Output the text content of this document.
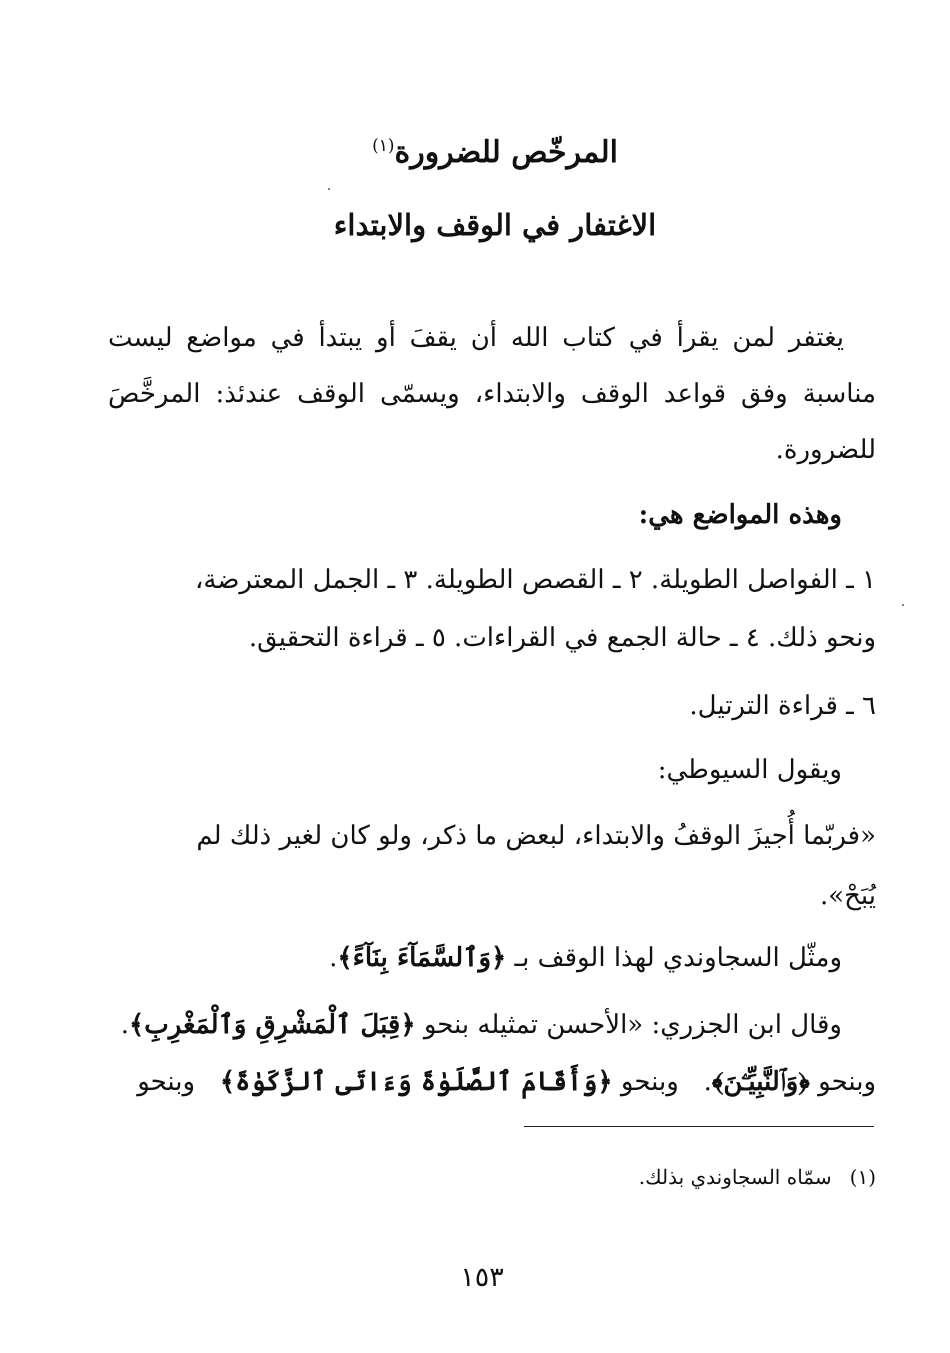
المرخّص للضرورة$^{(١)}$
الاغتفار في الوقف والابتداء
يغتفر لمن يقرأ في كتاب الله أن يقفَ أو يبتدأ في مواضع ليست مناسبة وفق قواعد الوقف والابتداء، ويسمّى الوقف عندئذ: المرخَّصَ للضرورة.
وهذه المواضع هي:
١ ـ الفواصل الطويلة. ٢ ـ القصص الطويلة. ٣ ـ الجمل المعترضة،
ونحو ذلك. ٤ ـ حالة الجمع في القراءات. ٥ ـ قراءة التحقيق.
٦ ـ قراءة الترتيل.
ويقول السيوطي:
«فربّما أُجيزَ الوقفُ والابتداء، لبعض ما ذكر، ولو كان لغير ذلك لم
يُبَحْ».
ومثّل السجاوندي لهذا الوقف بـ ﴿وَٱلسَّمَآءَ بِنَآءً﴾.
وقال ابن الجزري: «الأحسن تمثيله بنحو ﴿قِبَلَ ٱلْمَشْرِقِ وَٱلْمَغْرِبِ﴾.
وبنحو ﴿وَٱلنَّبِيِّـۧنَ﴾.   وبنحو ﴿وَأَقَامَ ٱلصَّلَوٰةَ وَءَاتَى ٱلزَّكَوٰةَ﴾   وبنحو
(١)سمّاه السجاوندي بذلك.
١٥٣
